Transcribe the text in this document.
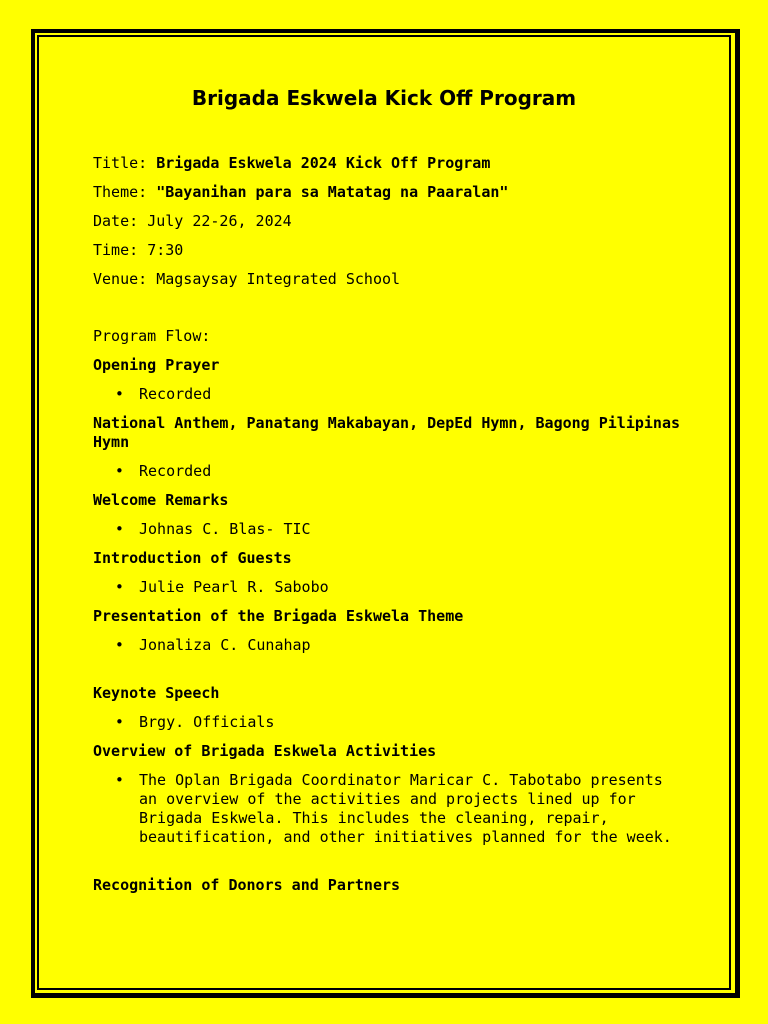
Brigada Eskwela Kick Off Program
Title: Brigada Eskwela 2024 Kick Off Program
Theme: "Bayanihan para sa Matatag na Paaralan"
Date: July 22-26, 2024
Time: 7:30
Venue: Magsaysay Integrated School
Program Flow:
Opening Prayer
• Recorded
National Anthem, Panatang Makabayan, DepEd Hymn, Bagong Pilipinas Hymn
• Recorded
Welcome Remarks
• Johnas C. Blas- TIC
Introduction of Guests
• Julie Pearl R. Sabobo
Presentation of the Brigada Eskwela Theme
• Jonaliza C. Cunahap
Keynote Speech
• Brgy. Officials
Overview of Brigada Eskwela Activities
• The Oplan Brigada Coordinator Maricar C. Tabotabo presents an overview of the activities and projects lined up for Brigada Eskwela. This includes the cleaning, repair, beautification, and other initiatives planned for the week.
Recognition of Donors and Partners
